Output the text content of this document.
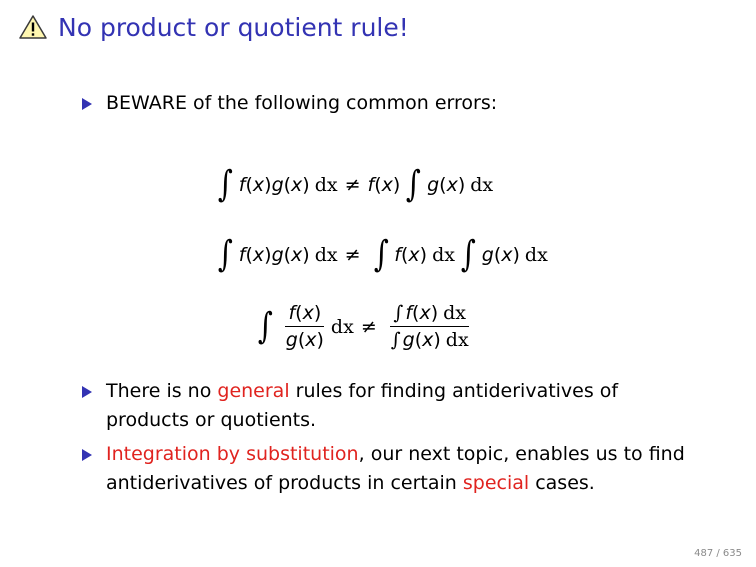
No product or quotient rule!
BEWARE of the following common errors:
∫ f ( x ) g ( x ) dx ≠ f ( x ) ∫ g ( x ) dx
∫ f ( x ) g ( x ) dx ≠ ∫ f ( x ) dx ∫ g ( x ) dx
∫ $\frac{f(x)}{g(x)}$ dx ≠ $\frac{\int f(x) dx}{\int g(x) dx}$
There is no general rules for finding antiderivatives of products or quotients.
Integration by substitution, our next topic, enables us to find antiderivatives of products in certain special cases.
487 / 635
